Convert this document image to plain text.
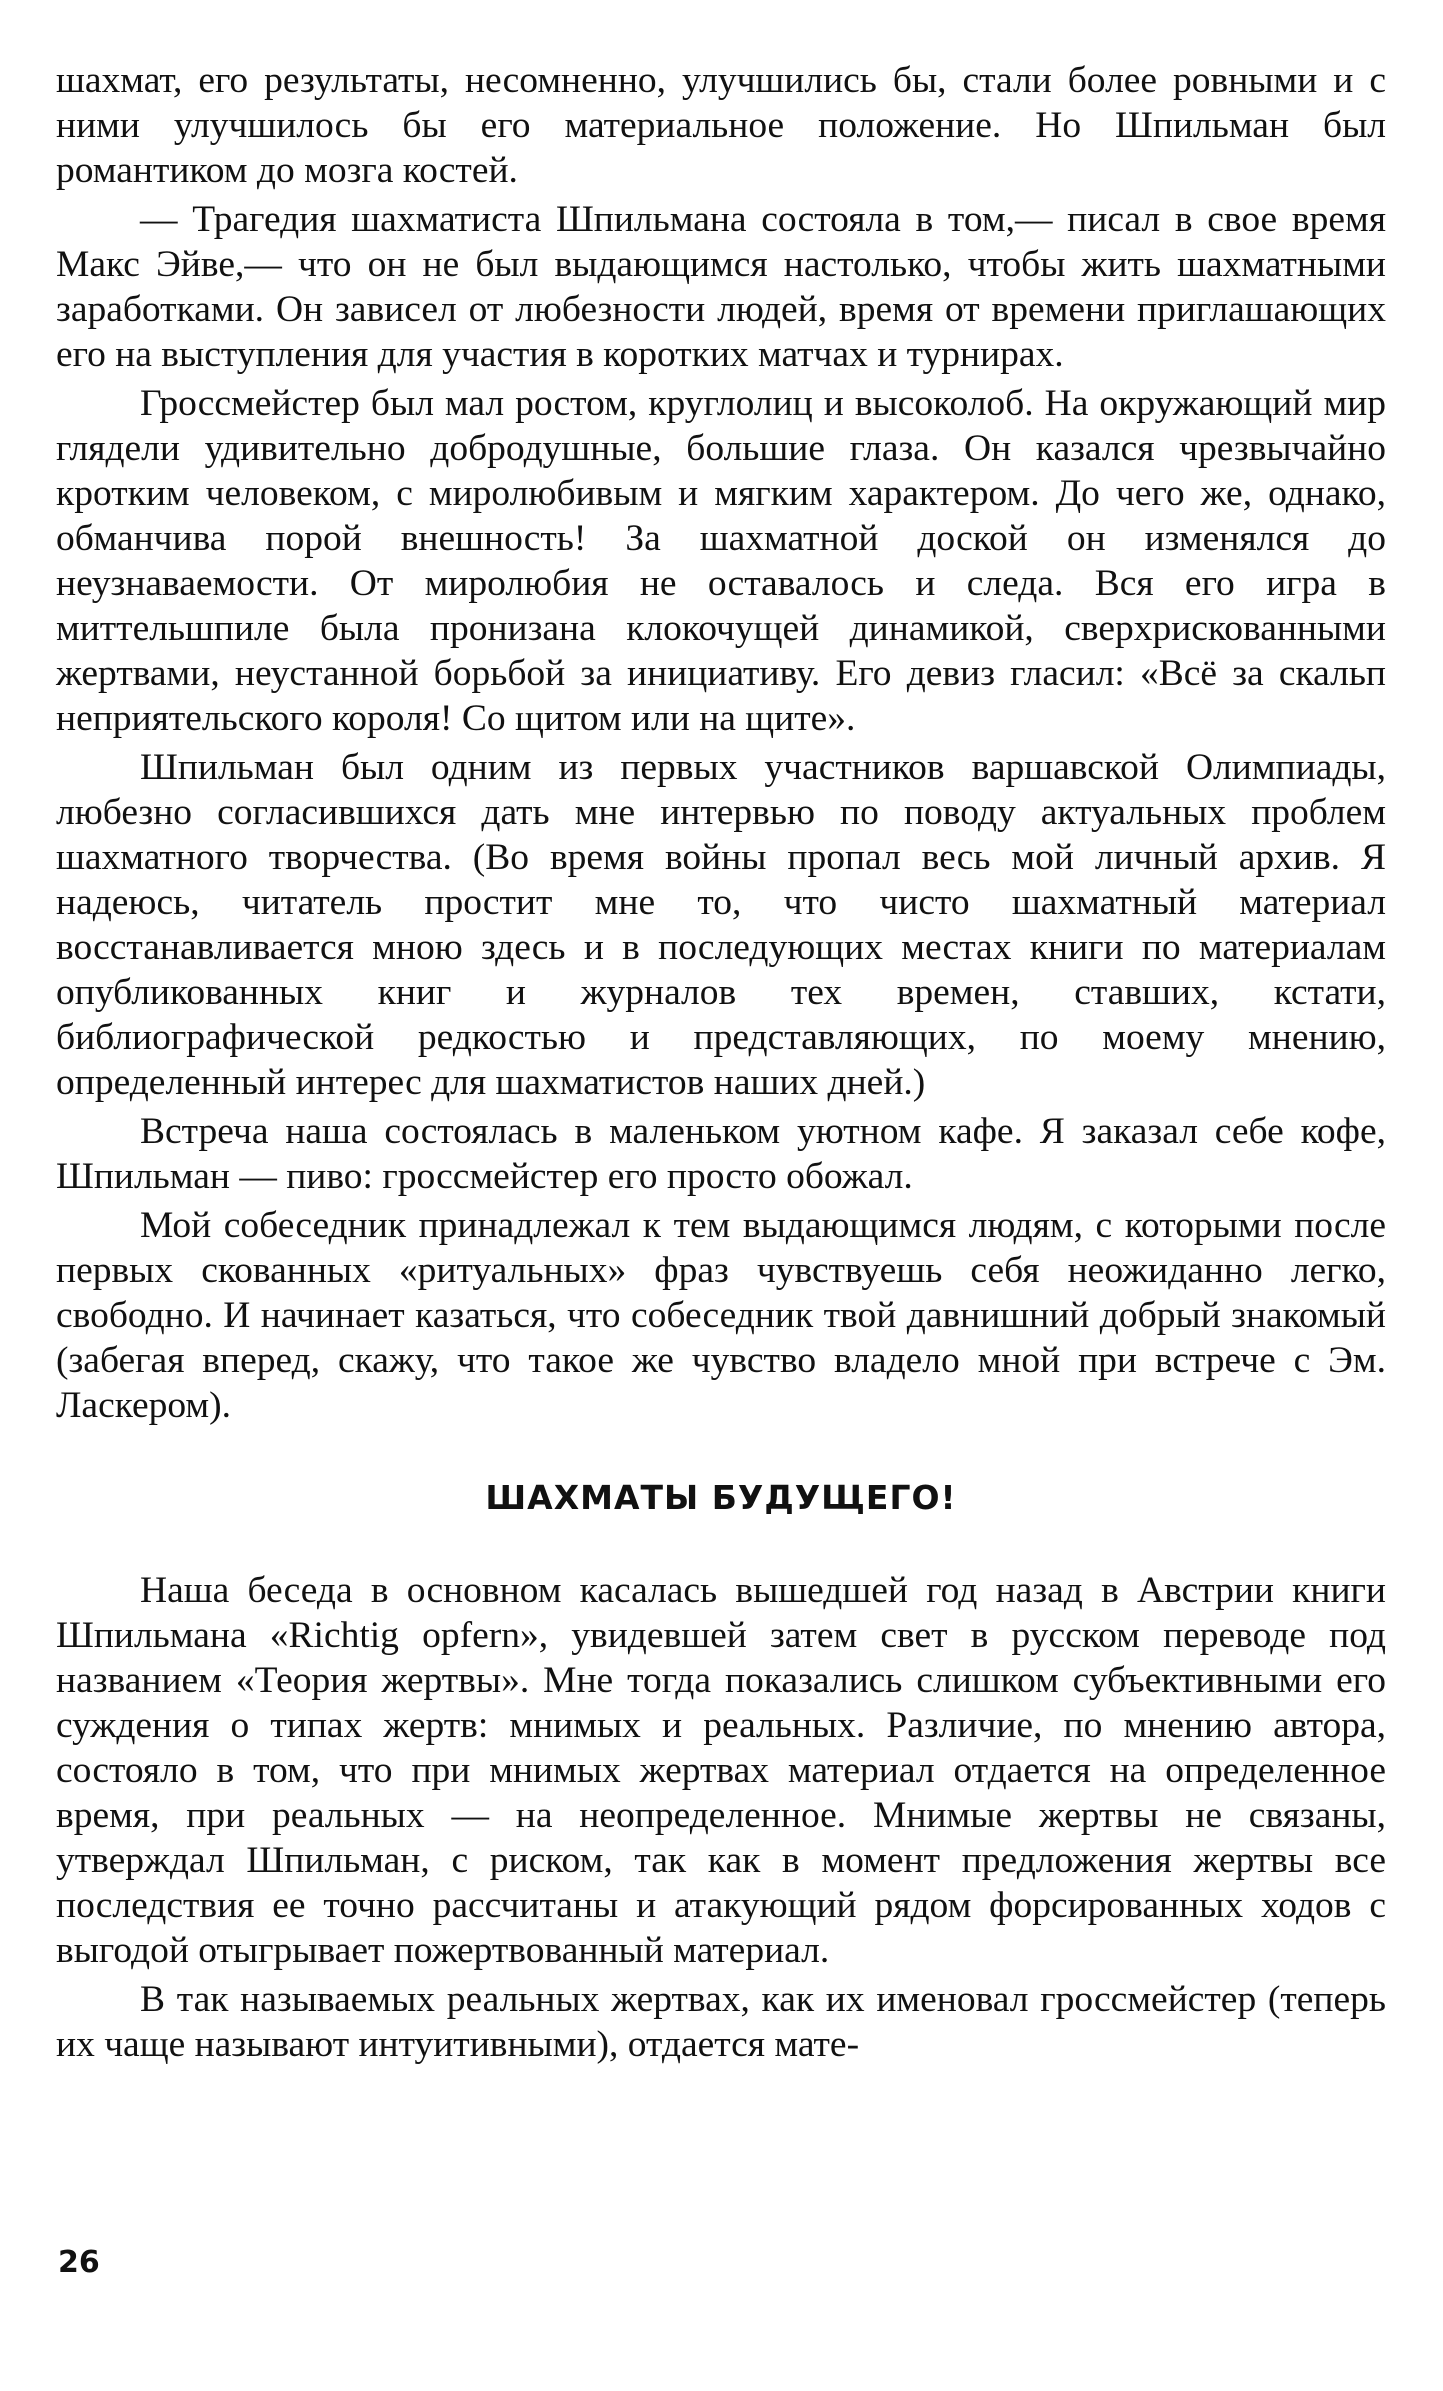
шахмат, его результаты, несомненно, улучшились бы, стали более ровными и с ними улучшилось бы его материальное положение. Но Шпильман был романтиком до мозга костей.

— Трагедия шахматиста Шпильмана состояла в том,— писал в свое время Макс Эйве,— что он не был выдающимся настолько, чтобы жить шахматными заработками. Он зависел от любезности людей, время от времени приглашающих его на выступления для участия в коротких матчах и турнирах.

Гроссмейстер был мал ростом, круглолиц и высоколоб. На окружающий мир глядели удивительно добродушные, большие глаза. Он казался чрезвычайно кротким человеком, с миролюбивым и мягким характером. До чего же, однако, обманчива порой внешность! За шахматной доской он изменялся до неузнаваемости. От миролюбия не оставалось и следа. Вся его игра в миттельшпиле была пронизана клокочущей динамикой, сверхрискованными жертвами, неустанной борьбой за инициативу. Его девиз гласил: «Всё за скальп неприятельского короля! Со щитом или на щите».

Шпильман был одним из первых участников варшавской Олимпиады, любезно согласившихся дать мне интервью по поводу актуальных проблем шахматного творчества. (Во время войны пропал весь мой личный архив. Я надеюсь, читатель простит мне то, что чисто шахматный материал восстанавливается мною здесь и в последующих местах книги по материалам опубликованных книг и журналов тех времен, ставших, кстати, библиографической редкостью и представляющих, по моему мнению, определенный интерес для шахматистов наших дней.)

Встреча наша состоялась в маленьком уютном кафе. Я заказал себе кофе, Шпильман — пиво: гроссмейстер его просто обожал.

Мой собеседник принадлежал к тем выдающимся людям, с которыми после первых скованных «ритуальных» фраз чувствуешь себя неожиданно легко, свободно. И начинает казаться, что собеседник твой давнишний добрый знакомый (забегая вперед, скажу, что такое же чувство владело мной при встрече с Эм. Ласкером).

ШАХМАТЫ БУДУЩЕГО!

Наша беседа в основном касалась вышедшей год назад в Австрии книги Шпильмана «Richtig opfern», увидевшей затем свет в русском переводе под названием «Теория жертвы». Мне тогда показались слишком субъективными его суждения о типах жертв: мнимых и реальных. Различие, по мнению автора, состояло в том, что при мнимых жертвах материал отдается на определенное время, при реальных — на неопределенное. Мнимые жертвы не связаны, утверждал Шпильман, с риском, так как в момент предложения жертвы все последствия ее точно рассчитаны и атакующий рядом форсированных ходов с выгодой отыгрывает пожертвованный материал.

В так называемых реальных жертвах, как их именовал гроссмейстер (теперь их чаще называют интуитивными), отдается мате-

26
